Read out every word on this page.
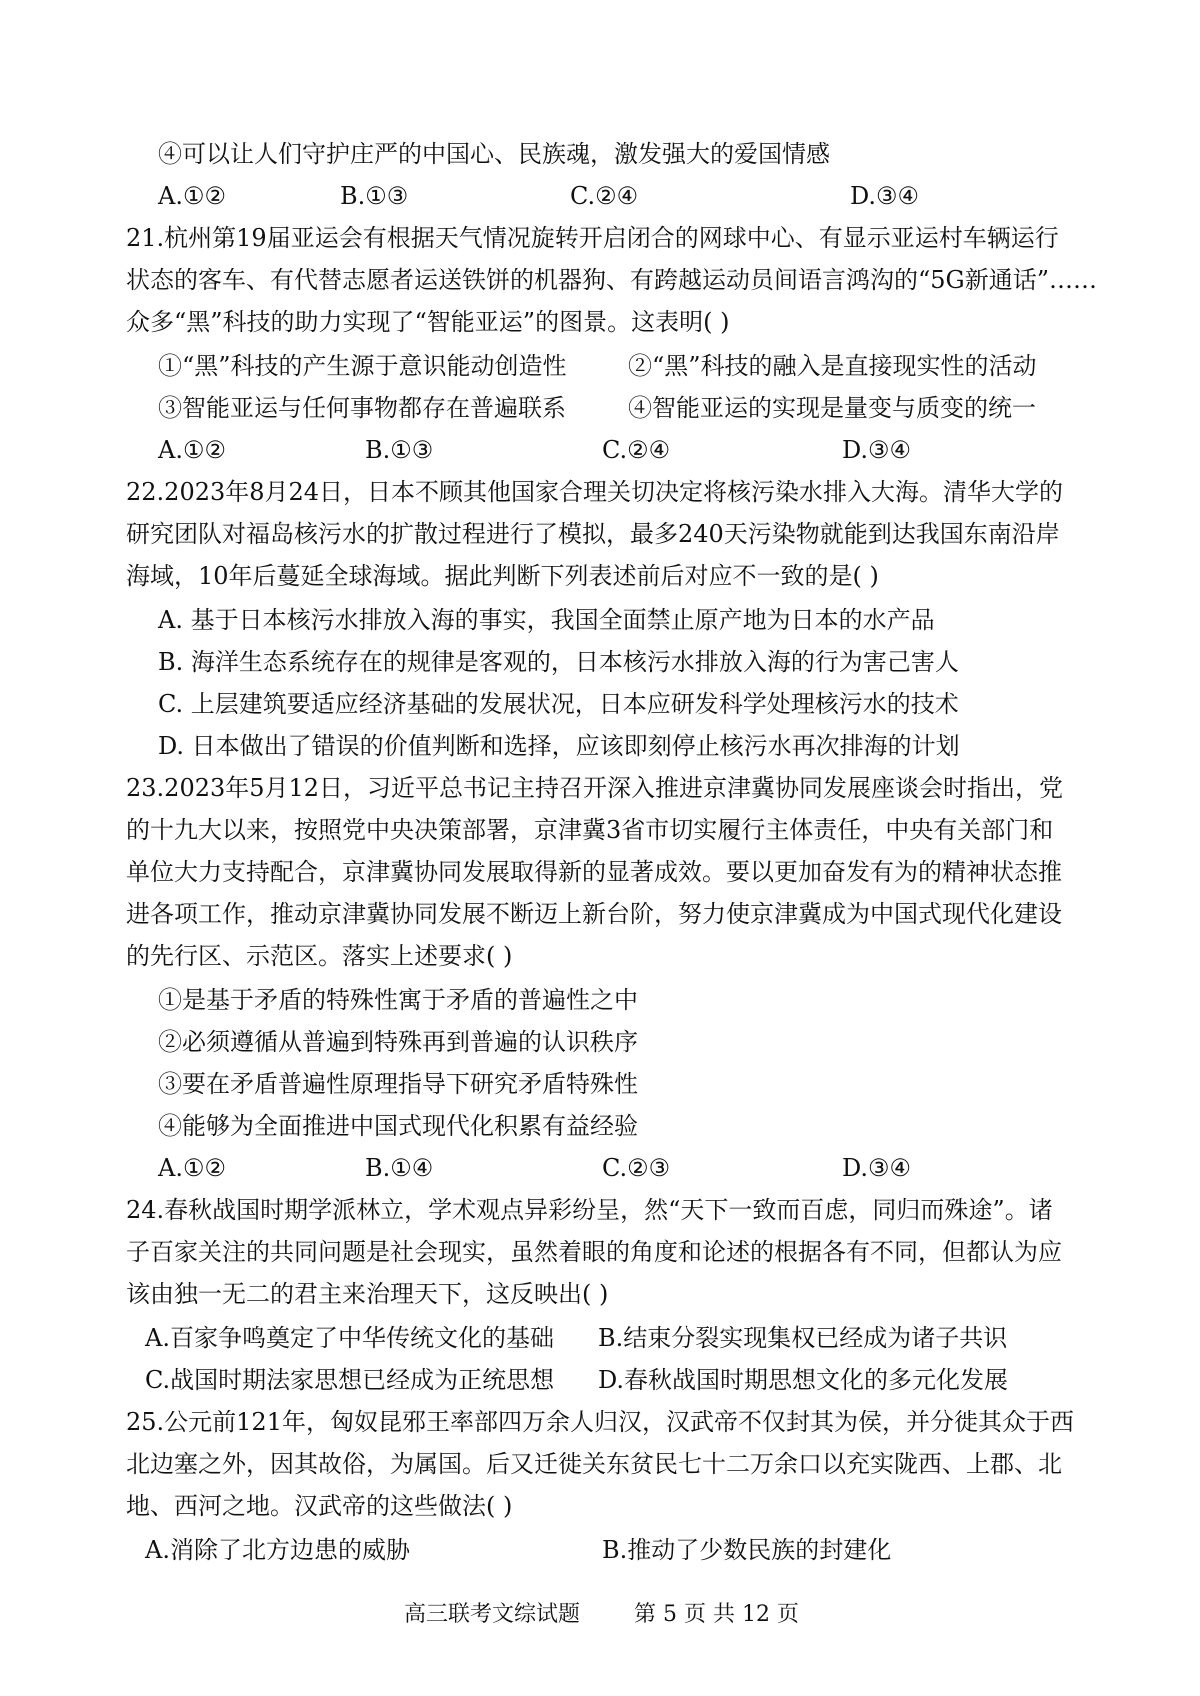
④可以让人们守护庄严的中国心、民族魂，激发强大的爱国情感
A.①②	B.①③	C.②④	D.③④
21.杭州第19届亚运会有根据天气情况旋转开启闭合的网球中心、有显示亚运村车辆运行
状态的客车、有代替志愿者运送铁饼的机器狗、有跨越运动员间语言鸿沟的“5G新通话”……
众多“黑”科技的助力实现了“智能亚运”的图景。这表明( )
①“黑”科技的产生源于意识能动创造性	②“黑”科技的融入是直接现实性的活动
③智能亚运与任何事物都存在普遍联系	④智能亚运的实现是量变与质变的统一
A.①②	B.①③	C.②④	D.③④
22.2023年8月24日，日本不顾其他国家合理关切决定将核污染水排入大海。清华大学的
研究团队对福岛核污水的扩散过程进行了模拟，最多240天污染物就能到达我国东南沿岸
海域，10年后蔓延全球海域。据此判断下列表述前后对应不一致的是( )
A. 基于日本核污水排放入海的事实，我国全面禁止原产地为日本的水产品
B. 海洋生态系统存在的规律是客观的，日本核污水排放入海的行为害己害人
C. 上层建筑要适应经济基础的发展状况，日本应研发科学处理核污水的技术
D. 日本做出了错误的价值判断和选择，应该即刻停止核污水再次排海的计划
23.2023年5月12日，习近平总书记主持召开深入推进京津冀协同发展座谈会时指出，党
的十九大以来，按照党中央决策部署，京津冀3省市切实履行主体责任，中央有关部门和
单位大力支持配合，京津冀协同发展取得新的显著成效。要以更加奋发有为的精神状态推
进各项工作，推动京津冀协同发展不断迈上新台阶，努力使京津冀成为中国式现代化建设
的先行区、示范区。落实上述要求( )
①是基于矛盾的特殊性寓于矛盾的普遍性之中
②必须遵循从普遍到特殊再到普遍的认识秩序
③要在矛盾普遍性原理指导下研究矛盾特殊性
④能够为全面推进中国式现代化积累有益经验
A.①②	B.①④	C.②③	D.③④
24.春秋战国时期学派林立，学术观点异彩纷呈，然“天下一致而百虑，同归而殊途”。诸
子百家关注的共同问题是社会现实，虽然着眼的角度和论述的根据各有不同，但都认为应
该由独一无二的君主来治理天下，这反映出( )
A.百家争鸣奠定了中华传统文化的基础 B.结束分裂实现集权已经成为诸子共识
C.战国时期法家思想已经成为正统思想 D.春秋战国时期思想文化的多元化发展
25.公元前121年，匈奴昆邪王率部四万余人归汉，汉武帝不仅封其为侯，并分徙其众于西
北边塞之外，因其故俗，为属国。后又迁徙关东贫民七十二万余口以充实陇西、上郡、北
地、西河之地。汉武帝的这些做法( )
A.消除了北方边患的威胁	B.推动了少数民族的封建化
高三联考文综试题 第 5 页 共 12 页
